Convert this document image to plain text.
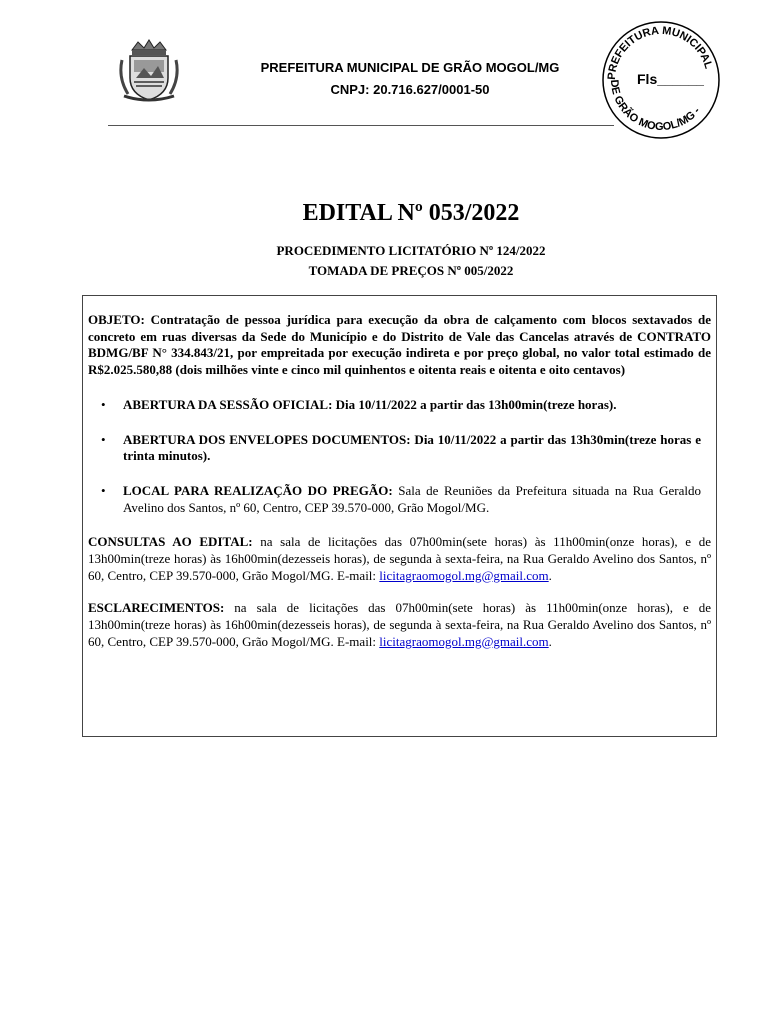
PREFEITURA MUNICIPAL DE GRÃO MOGOL/MG
CNPJ: 20.716.627/0001-50
PREFEITURA MUNICIPAL
DE GRÃO MOGOL/MG -
Fls______
EDITAL Nº 053/2022
PROCEDIMENTO LICITATÓRIO Nº 124/2022
TOMADA DE PREÇOS Nº 005/2022

OBJETO: Contratação de pessoa jurídica para execução da obra de calçamento com blocos sextavados de concreto em ruas diversas da Sede do Município e do Distrito de Vale das Cancelas através de CONTRATO BDMG/BF N° 334.843/21, por empreitada por execução indireta e por preço global, no valor total estimado de R$2.025.580,88 (dois milhões vinte e cinco mil quinhentos e oitenta reais e oitenta e oito centavos)

• ABERTURA DA SESSÃO OFICIAL: Dia 10/11/2022 a partir das 13h00min(treze horas).
• ABERTURA DOS ENVELOPES DOCUMENTOS: Dia 10/11/2022 a partir das 13h30min(treze horas e trinta minutos).
• LOCAL PARA REALIZAÇÃO DO PREGÃO: Sala de Reuniões da Prefeitura situada na Rua Geraldo Avelino dos Santos, nº 60, Centro, CEP 39.570-000, Grão Mogol/MG.

CONSULTAS AO EDITAL: na sala de licitações das 07h00min(sete horas) às 11h00min(onze horas), e de 13h00min(treze horas) às 16h00min(dezesseis horas), de segunda à sexta-feira, na Rua Geraldo Avelino dos Santos, nº 60, Centro, CEP 39.570-000, Grão Mogol/MG. E-mail: licitagraomogol.mg@gmail.com.

ESCLARECIMENTOS: na sala de licitações das 07h00min(sete horas) às 11h00min(onze horas), e de 13h00min(treze horas) às 16h00min(dezesseis horas), de segunda à sexta-feira, na Rua Geraldo Avelino dos Santos, nº 60, Centro, CEP 39.570-000, Grão Mogol/MG. E-mail: licitagraomogol.mg@gmail.com.
